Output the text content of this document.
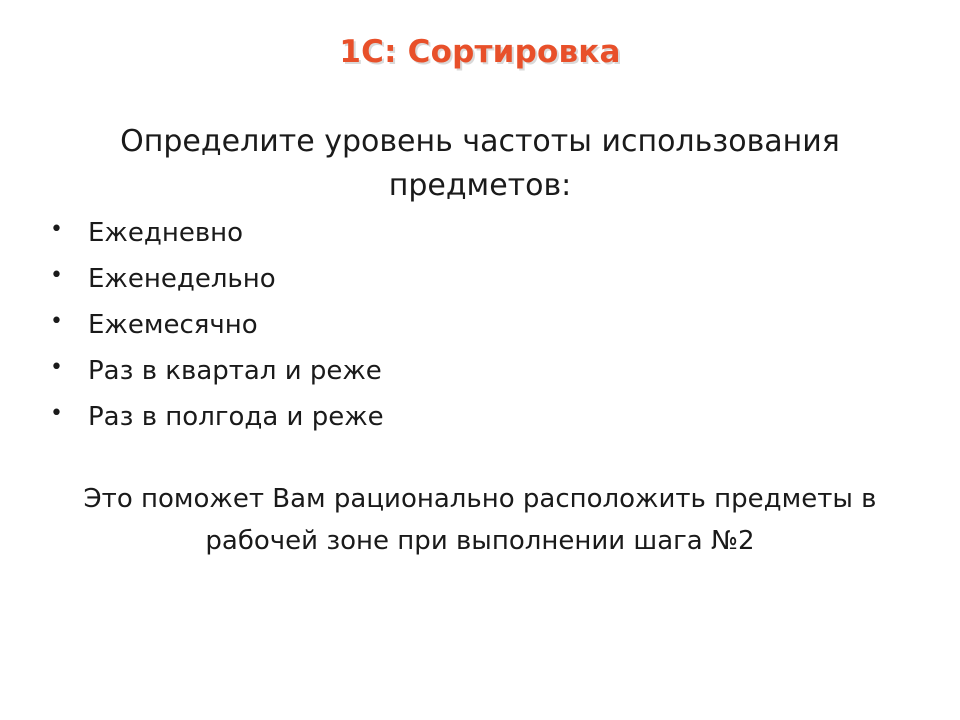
1С: Сортировка
Определите уровень частоты использования
предметов:
• Ежедневно
• Еженедельно
• Ежемесячно
• Раз в квартал и реже
• Раз в полгода и реже
Это поможет Вам рационально расположить предметы в
рабочей зоне при выполнении шага №2
